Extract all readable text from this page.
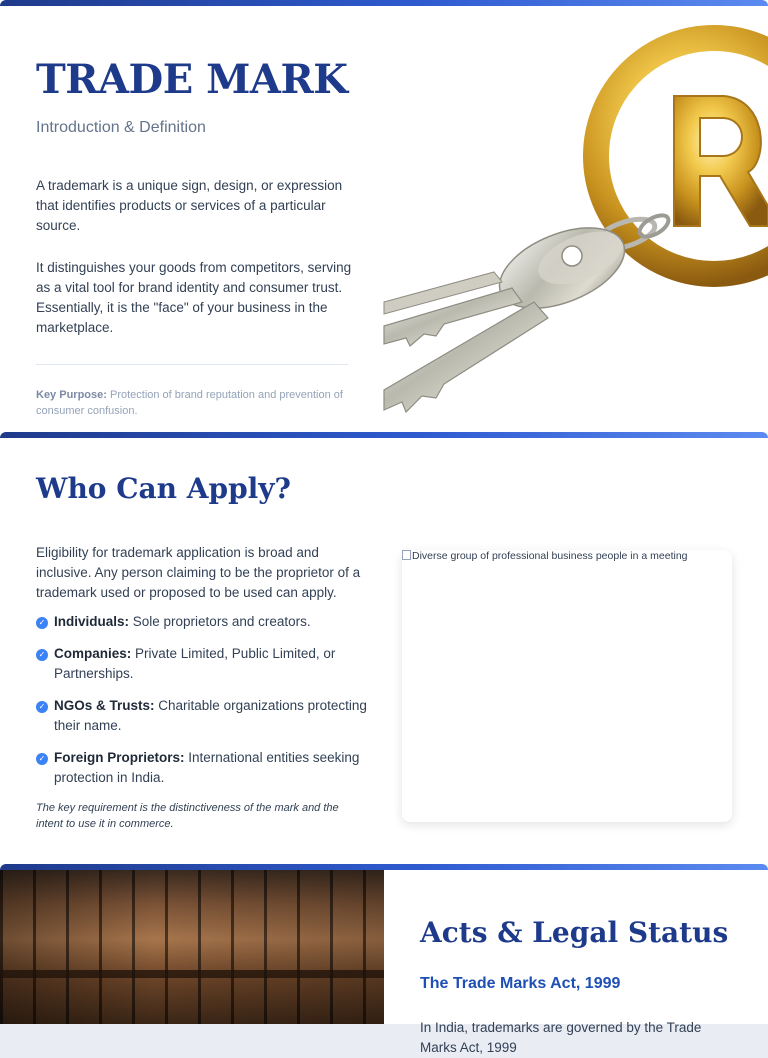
TRADE MARK
Introduction & Definition

A trademark is a unique sign, design, or expression that identifies products or services of a particular source.

It distinguishes your goods from competitors, serving as a vital tool for brand identity and consumer trust. Essentially, it is the "face" of your business in the marketplace.

Key Purpose: Protection of brand reputation and prevention of consumer confusion.

Who Can Apply?

Eligibility for trademark application is broad and inclusive. Any person claiming to be the proprietor of a trademark used or proposed to be used can apply.

✓ Individuals: Sole proprietors and creators.
✓ Companies: Private Limited, Public Limited, or Partnerships.
✓ NGOs & Trusts: Charitable organizations protecting their name.
✓ Foreign Proprietors: International entities seeking protection in India.

The key requirement is the distinctiveness of the mark and the intent to use it in commerce.

Diverse group of professional business people in a meeting
Acts & Legal Status
The Trade Marks Act, 1999

In India, trademarks are governed by the Trade Marks Act, 1999
